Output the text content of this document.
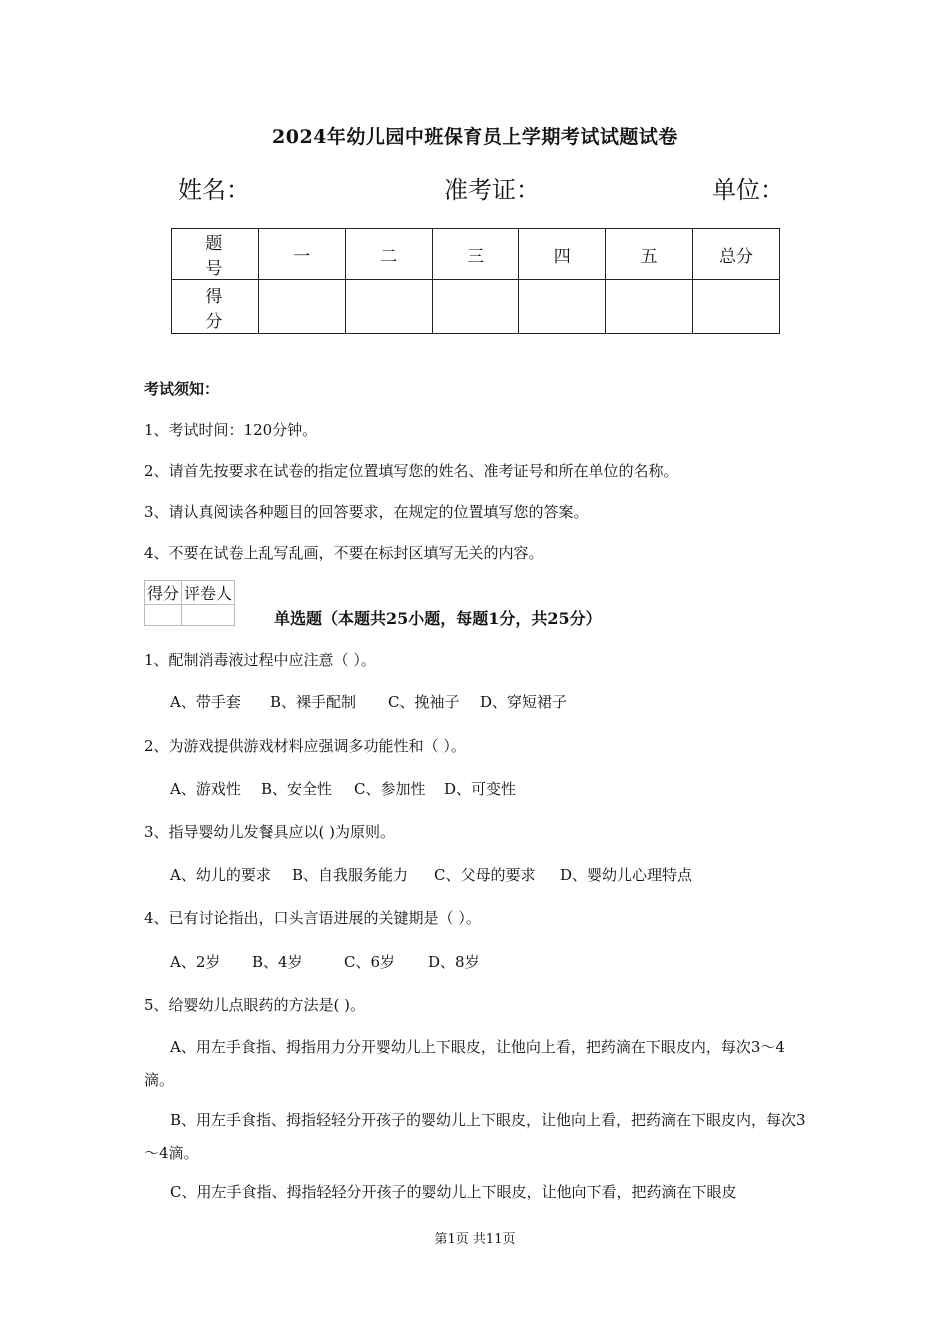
2024年幼儿园中班保育员上学期考试试题试卷
姓名：	准考证：	单位：
题 号	一	二	三	四	五	总分
得 分						
考试须知：
1、考试时间：120分钟。
2、请首先按要求在试卷的指定位置填写您的姓名、准考证号和所在单位的名称。
3、请认真阅读各种题目的回答要求，在规定的位置填写您的答案。
4、不要在试卷上乱写乱画，不要在标封区填写无关的内容。
得分	评卷人

单选题（本题共25小题，每题1分，共25分）
1、配制消毒液过程中应注意（ ）。
A、带手套 B、裸手配制 C、挽袖子 D、穿短裙子
2、为游戏提供游戏材料应强调多功能性和（ ）。
A、游戏性 B、安全性 C、参加性 D、可变性
3、指导婴幼儿发餐具应以( )为原则。
A、幼儿的要求 B、自我服务能力 C、父母的要求 D、婴幼儿心理特点
4、已有讨论指出，口头言语进展的关键期是（ ）。
A、2岁 B、4岁	C、6岁 D、8岁
5、给婴幼儿点眼药的方法是( )。
A、用左手食指、拇指用力分开婴幼儿上下眼皮，让他向上看，把药滴在下眼皮内，每次3～4滴。
B、用左手食指、拇指轻轻分开孩子的婴幼儿上下眼皮，让他向上看，把药滴在下眼皮内，每次3～4滴。
C、用左手食指、拇指轻轻分开孩子的婴幼儿上下眼皮，让他向下看，把药滴在下眼皮
第1页 共11页
